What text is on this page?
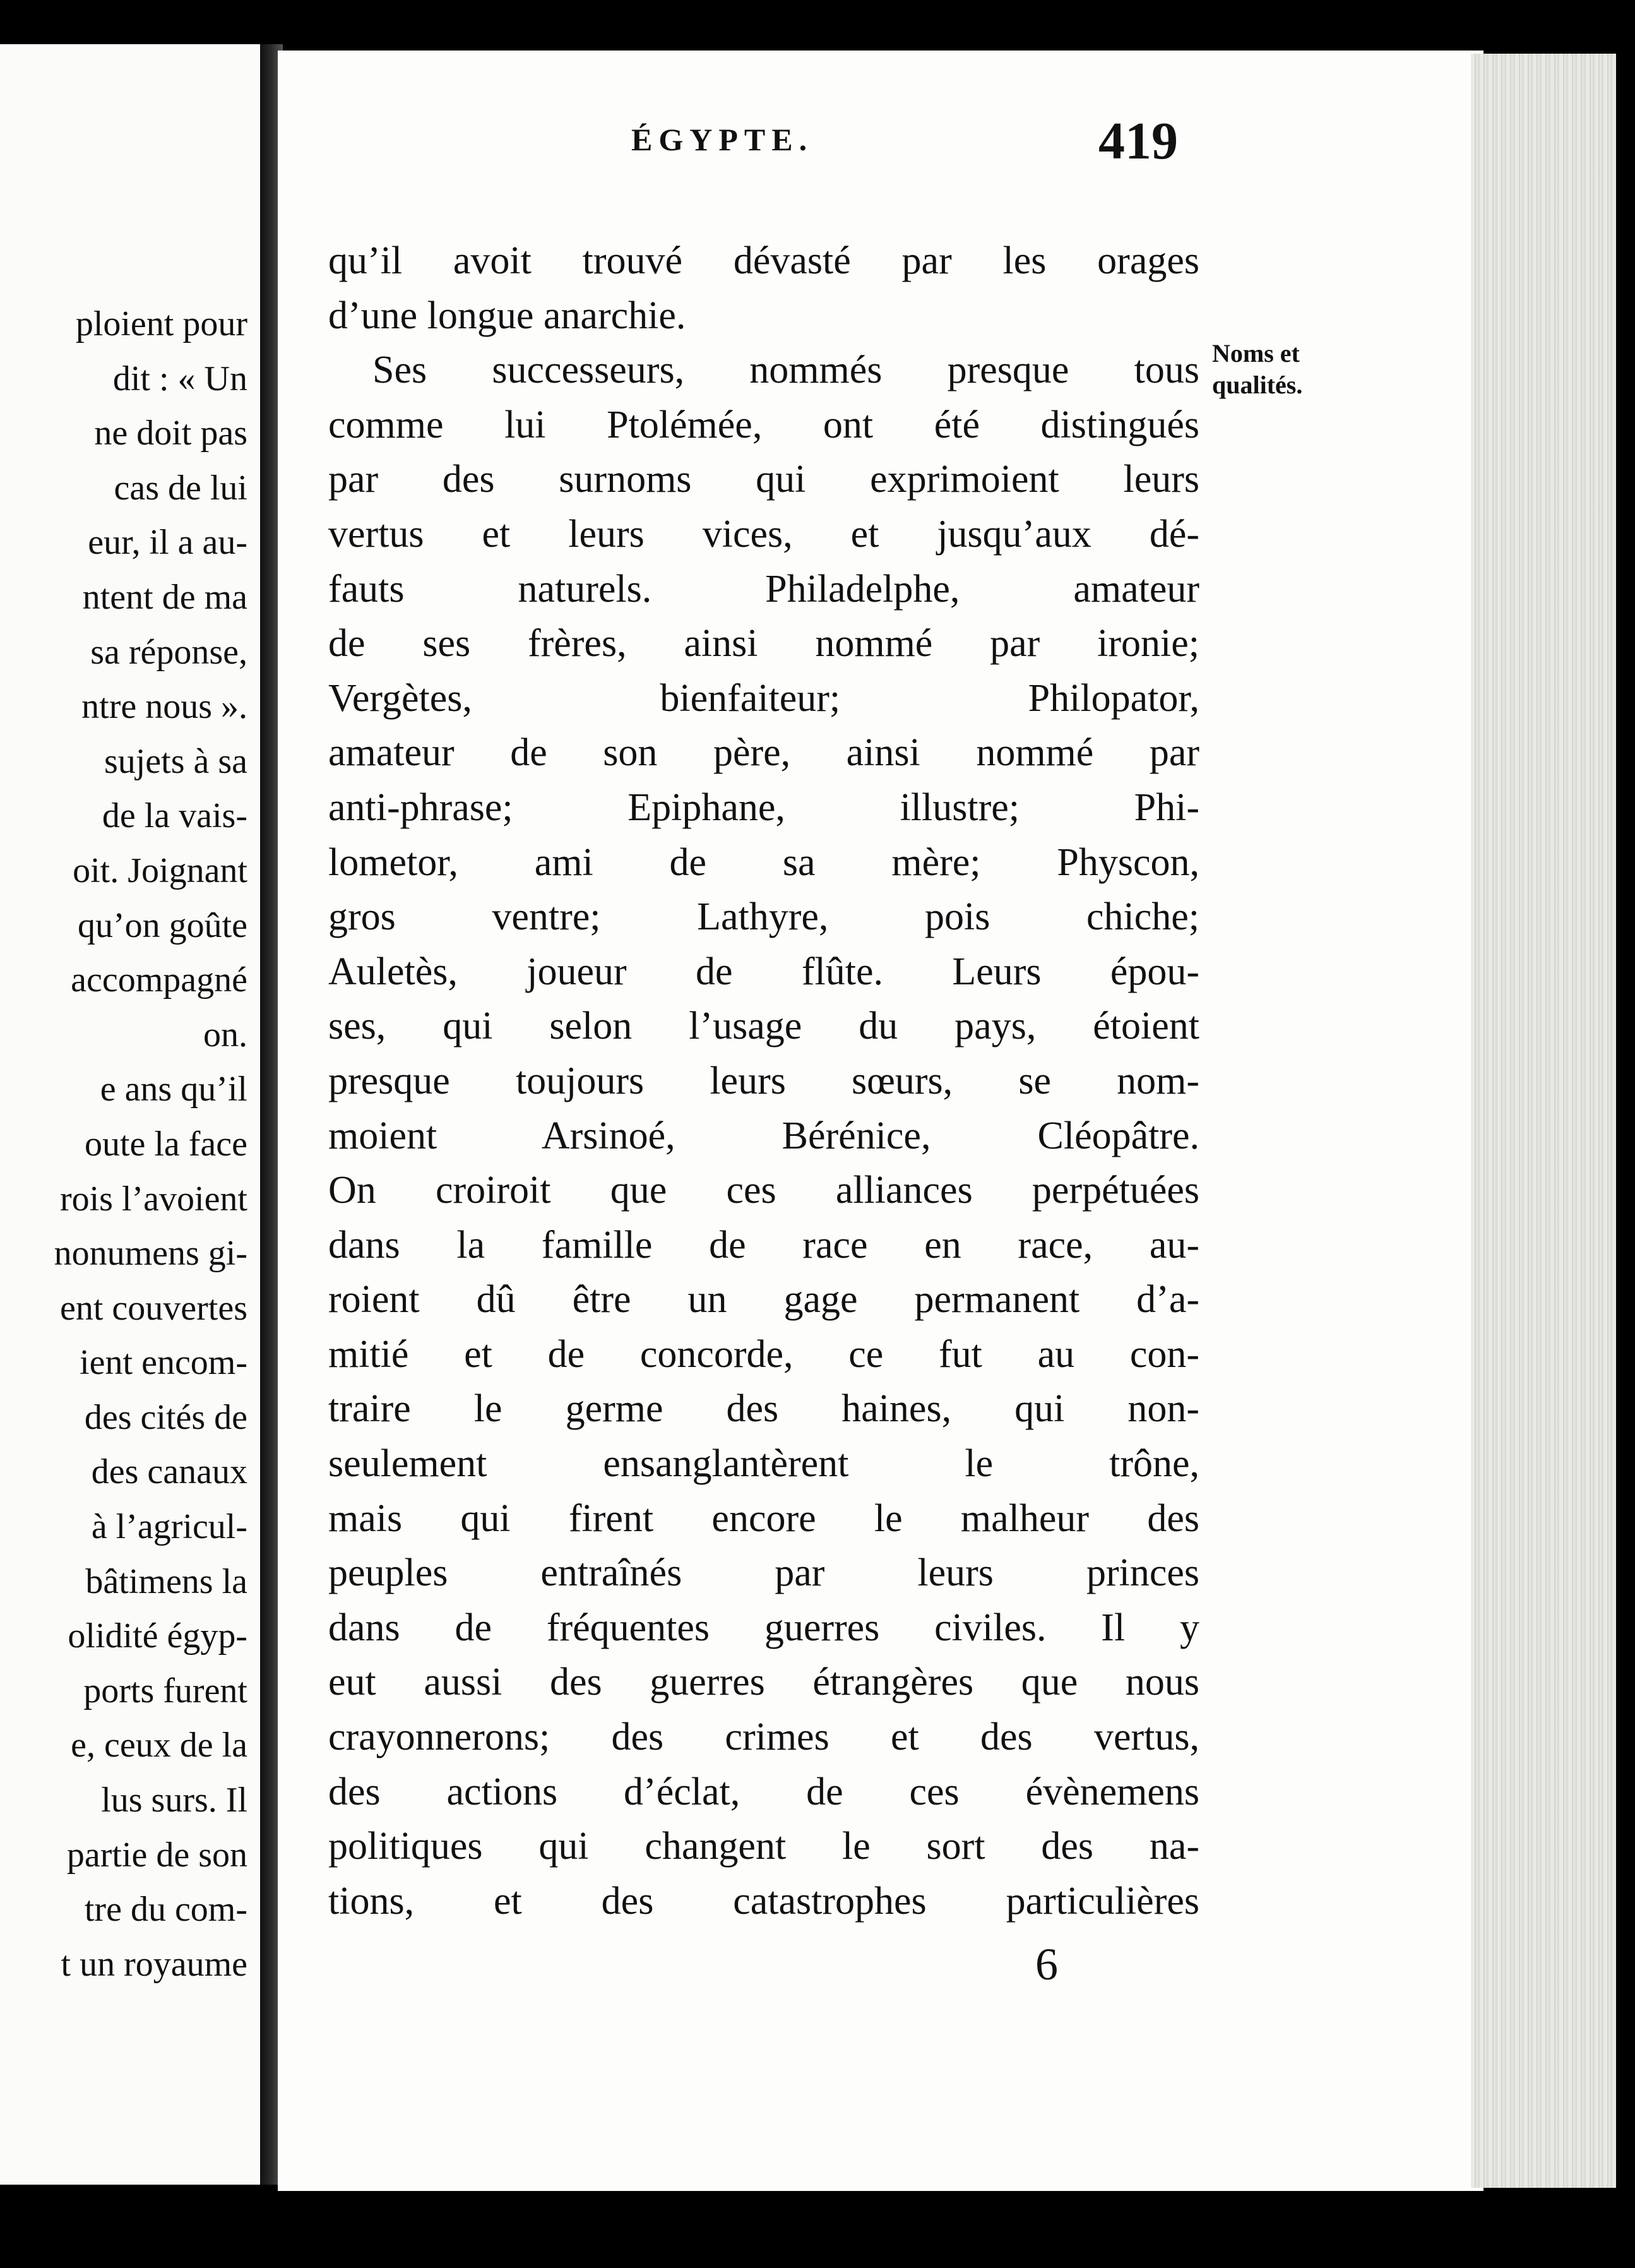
ploient pour

dit : « Un

ne doit pas

cas de lui

eur, il a au-

ntent de ma

sa réponse,

ntre nous ».

sujets à sa

de la vais-

oit. Joignant

qu’on goûte

accompagné

on.

e ans qu’il

oute la face

rois l’avoient

nonumens gi-

ent couvertes

ient encom-

des cités de

des canaux

à l’agricul-

bâtimens la

olidité égyp-

ports furent

e, ceux de la

lus surs. Il

partie de son

tre du com-

t un royaume

ÉGYPTE.	419
Noms et
qualités.

qu’il avoit trouvé dévasté par les orages

d’une longue anarchie.

Ses successeurs, nommés presque tous

comme lui Ptolémée, ont été distingués

par des surnoms qui exprimoient leurs

vertus et leurs vices, et jusqu’aux dé-

fauts naturels. Philadelphe, amateur

de ses frères, ainsi nommé par ironie;

Vergètes, bienfaiteur; Philopator,

amateur de son père, ainsi nommé par

anti-phrase; Epiphane, illustre; Phi-

lometor, ami de sa mère; Physcon,

gros ventre; Lathyre, pois chiche;

Auletès, joueur de flûte. Leurs épou-

ses, qui selon l’usage du pays, étoient

presque toujours leurs sœurs, se nom-

moient Arsinoé, Bérénice, Cléopâtre.

On croiroit que ces alliances perpétuées

dans la famille de race en race, au-

roient dû être un gage permanent d’a-

mitié et de concorde, ce fut au con-

traire le germe des haines, qui non-

seulement ensanglantèrent le trône,

mais qui firent encore le malheur des

peuples entraînés par leurs princes

dans de fréquentes guerres civiles. Il y

eut aussi des guerres étrangères que nous

crayonnerons; des crimes et des vertus,

des actions d’éclat, de ces évènemens

politiques qui changent le sort des na-

tions, et des catastrophes particulières

6
